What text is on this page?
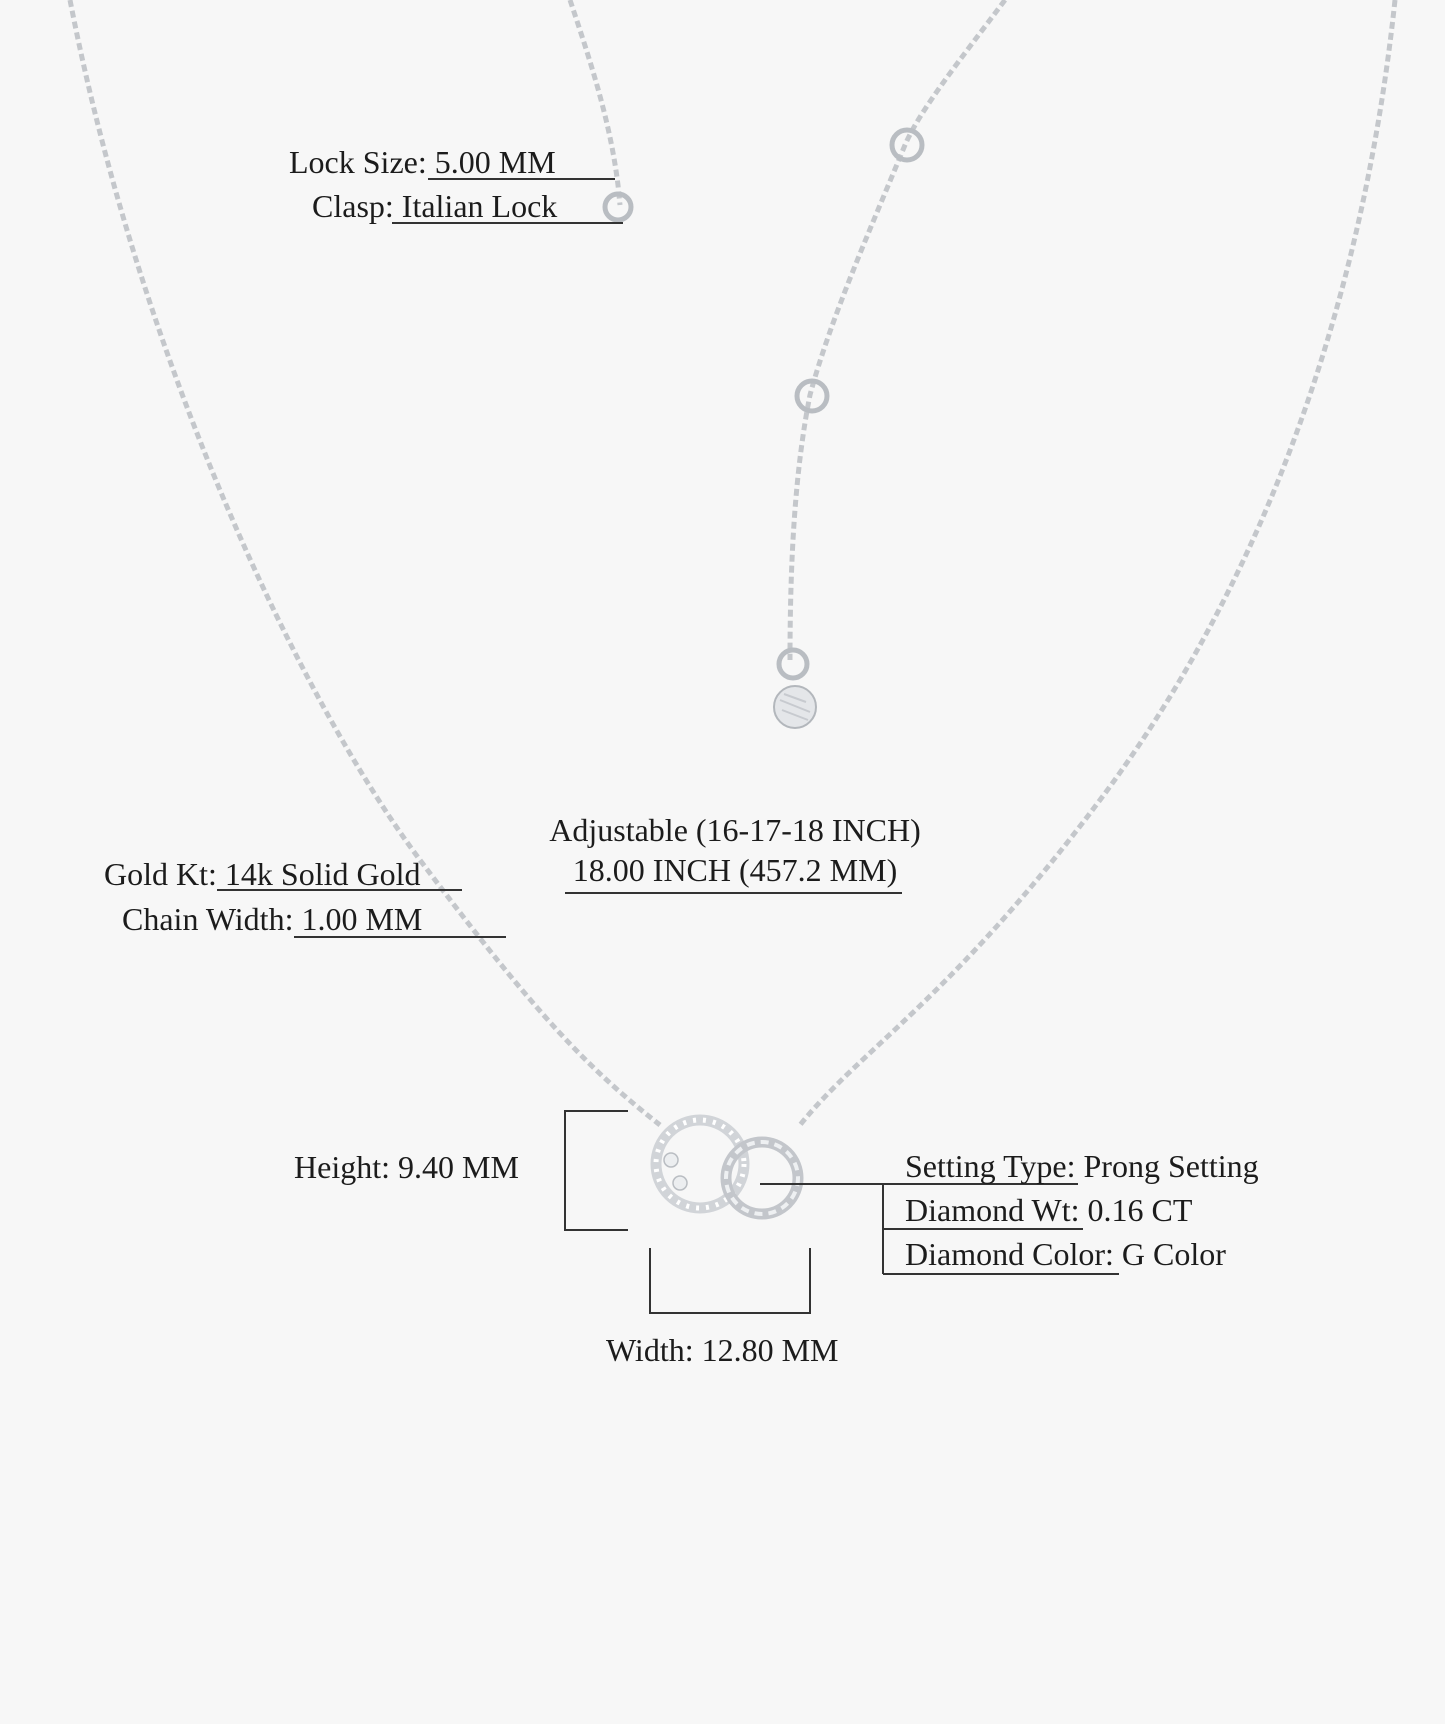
Lock Size: 5.00 MM
Clasp: Italian Lock
Adjustable (16-17-18 INCH)
18.00 INCH (457.2 MM)
Gold Kt: 14k Solid Gold
Chain Width: 1.00 MM
Height: 9.40 MM
Width: 12.80 MM
Setting Type: Prong Setting
Diamond Wt: 0.16 CT
Diamond Color: G Color
